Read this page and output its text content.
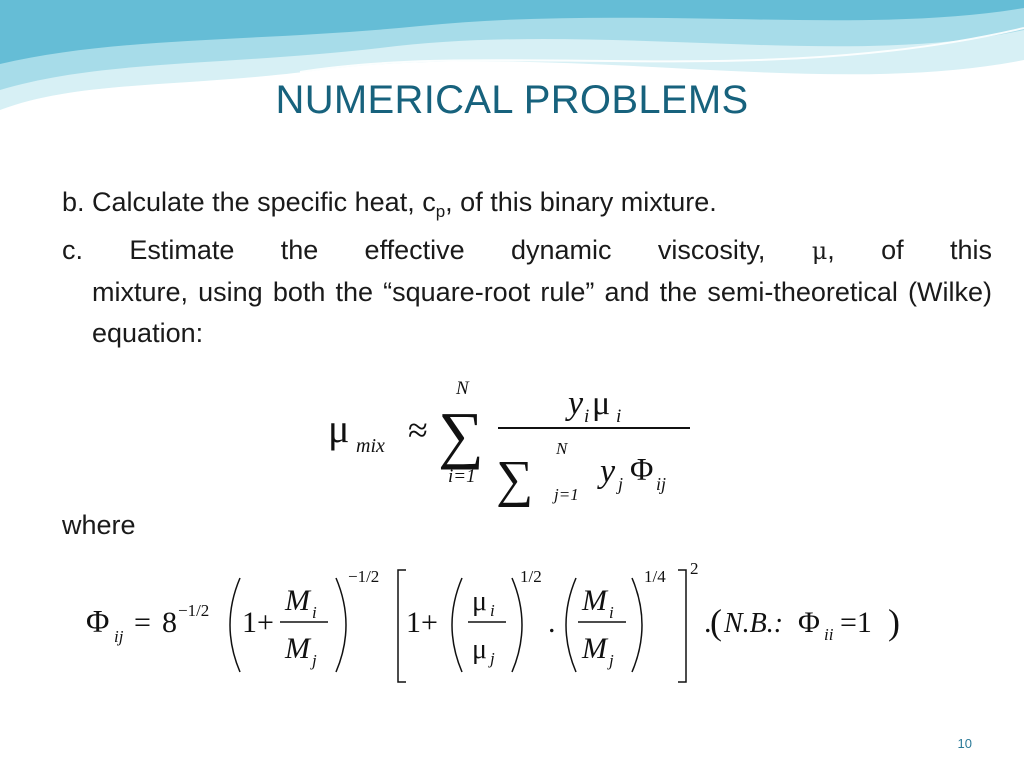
NUMERICAL PROBLEMS
b. Calculate the specific heat, $c_p$, of this binary mixture.
c. Estimate the effective dynamic viscosity, μ, of this
mixture, using both the “square-root rule” and the semi-theoretical (Wilke) equation:
μ mix ≈
N
∑
i=1
y i μ i
N
∑ j=1
y j Φ ij
where
Φ ij = 8 −1/2 1+
M i
M j
−1/2
1+
μ i
μ j
1/2
.
M i
M j
1/4 2
.
( N.B.: Φ ii =1 )
10
